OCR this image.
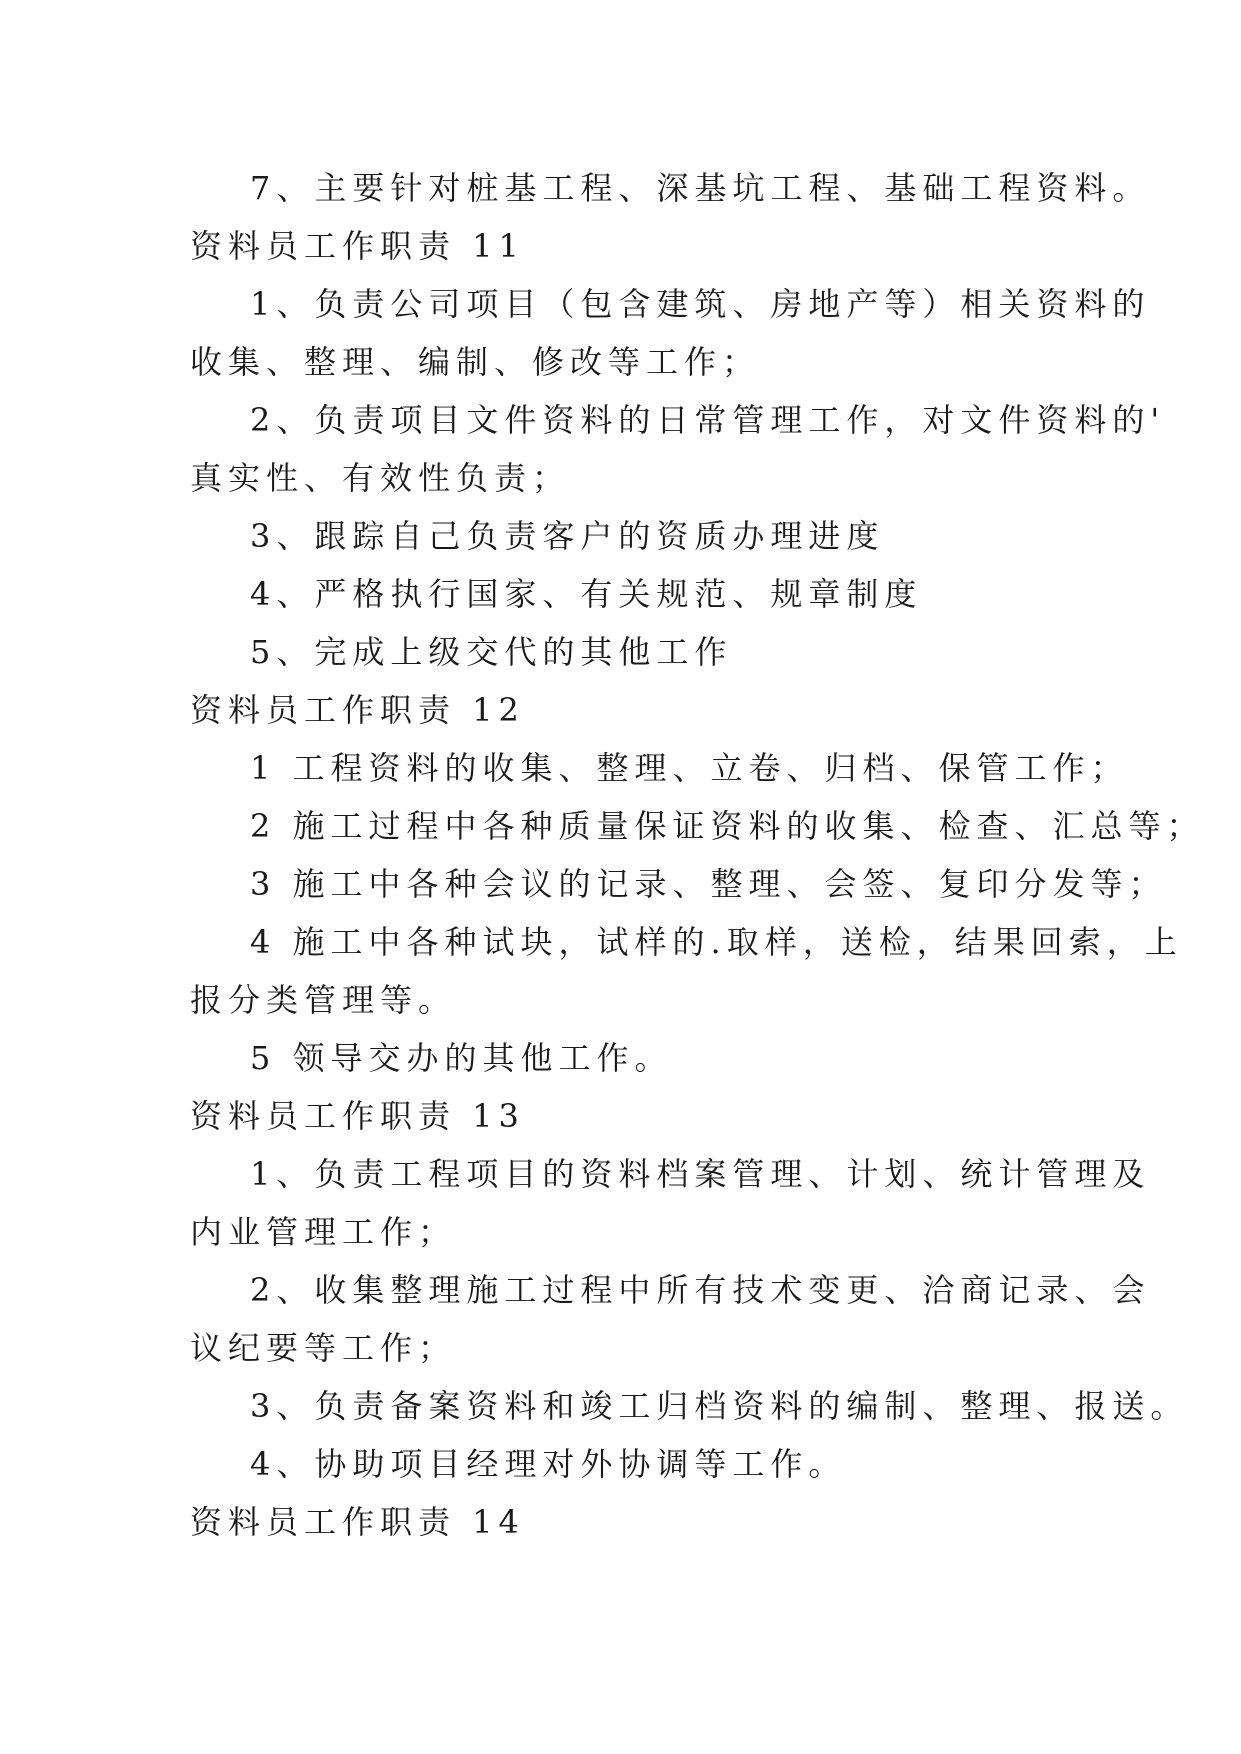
7、主要针对桩基工程、深基坑工程、基础工程资料。
资料员工作职责 11
1、负责公司项目（包含建筑、房地产等）相关资料的
收集、整理、编制、修改等工作；
2、负责项目文件资料的日常管理工作，对文件资料的'
真实性、有效性负责；
3、跟踪自己负责客户的资质办理进度
4、严格执行国家、有关规范、规章制度
5、完成上级交代的其他工作
资料员工作职责 12
1 工程资料的收集、整理、立卷、归档、保管工作；
2 施工过程中各种质量保证资料的收集、检查、汇总等；
3 施工中各种会议的记录、整理、会签、复印分发等；
4 施工中各种试块，试样的.取样，送检，结果回索，上
报分类管理等。
5 领导交办的其他工作。
资料员工作职责 13
1、负责工程项目的资料档案管理、计划、统计管理及
内业管理工作；
2、收集整理施工过程中所有技术变更、洽商记录、会
议纪要等工作；
3、负责备案资料和竣工归档资料的编制、整理、报送。
4、协助项目经理对外协调等工作。
资料员工作职责 14
